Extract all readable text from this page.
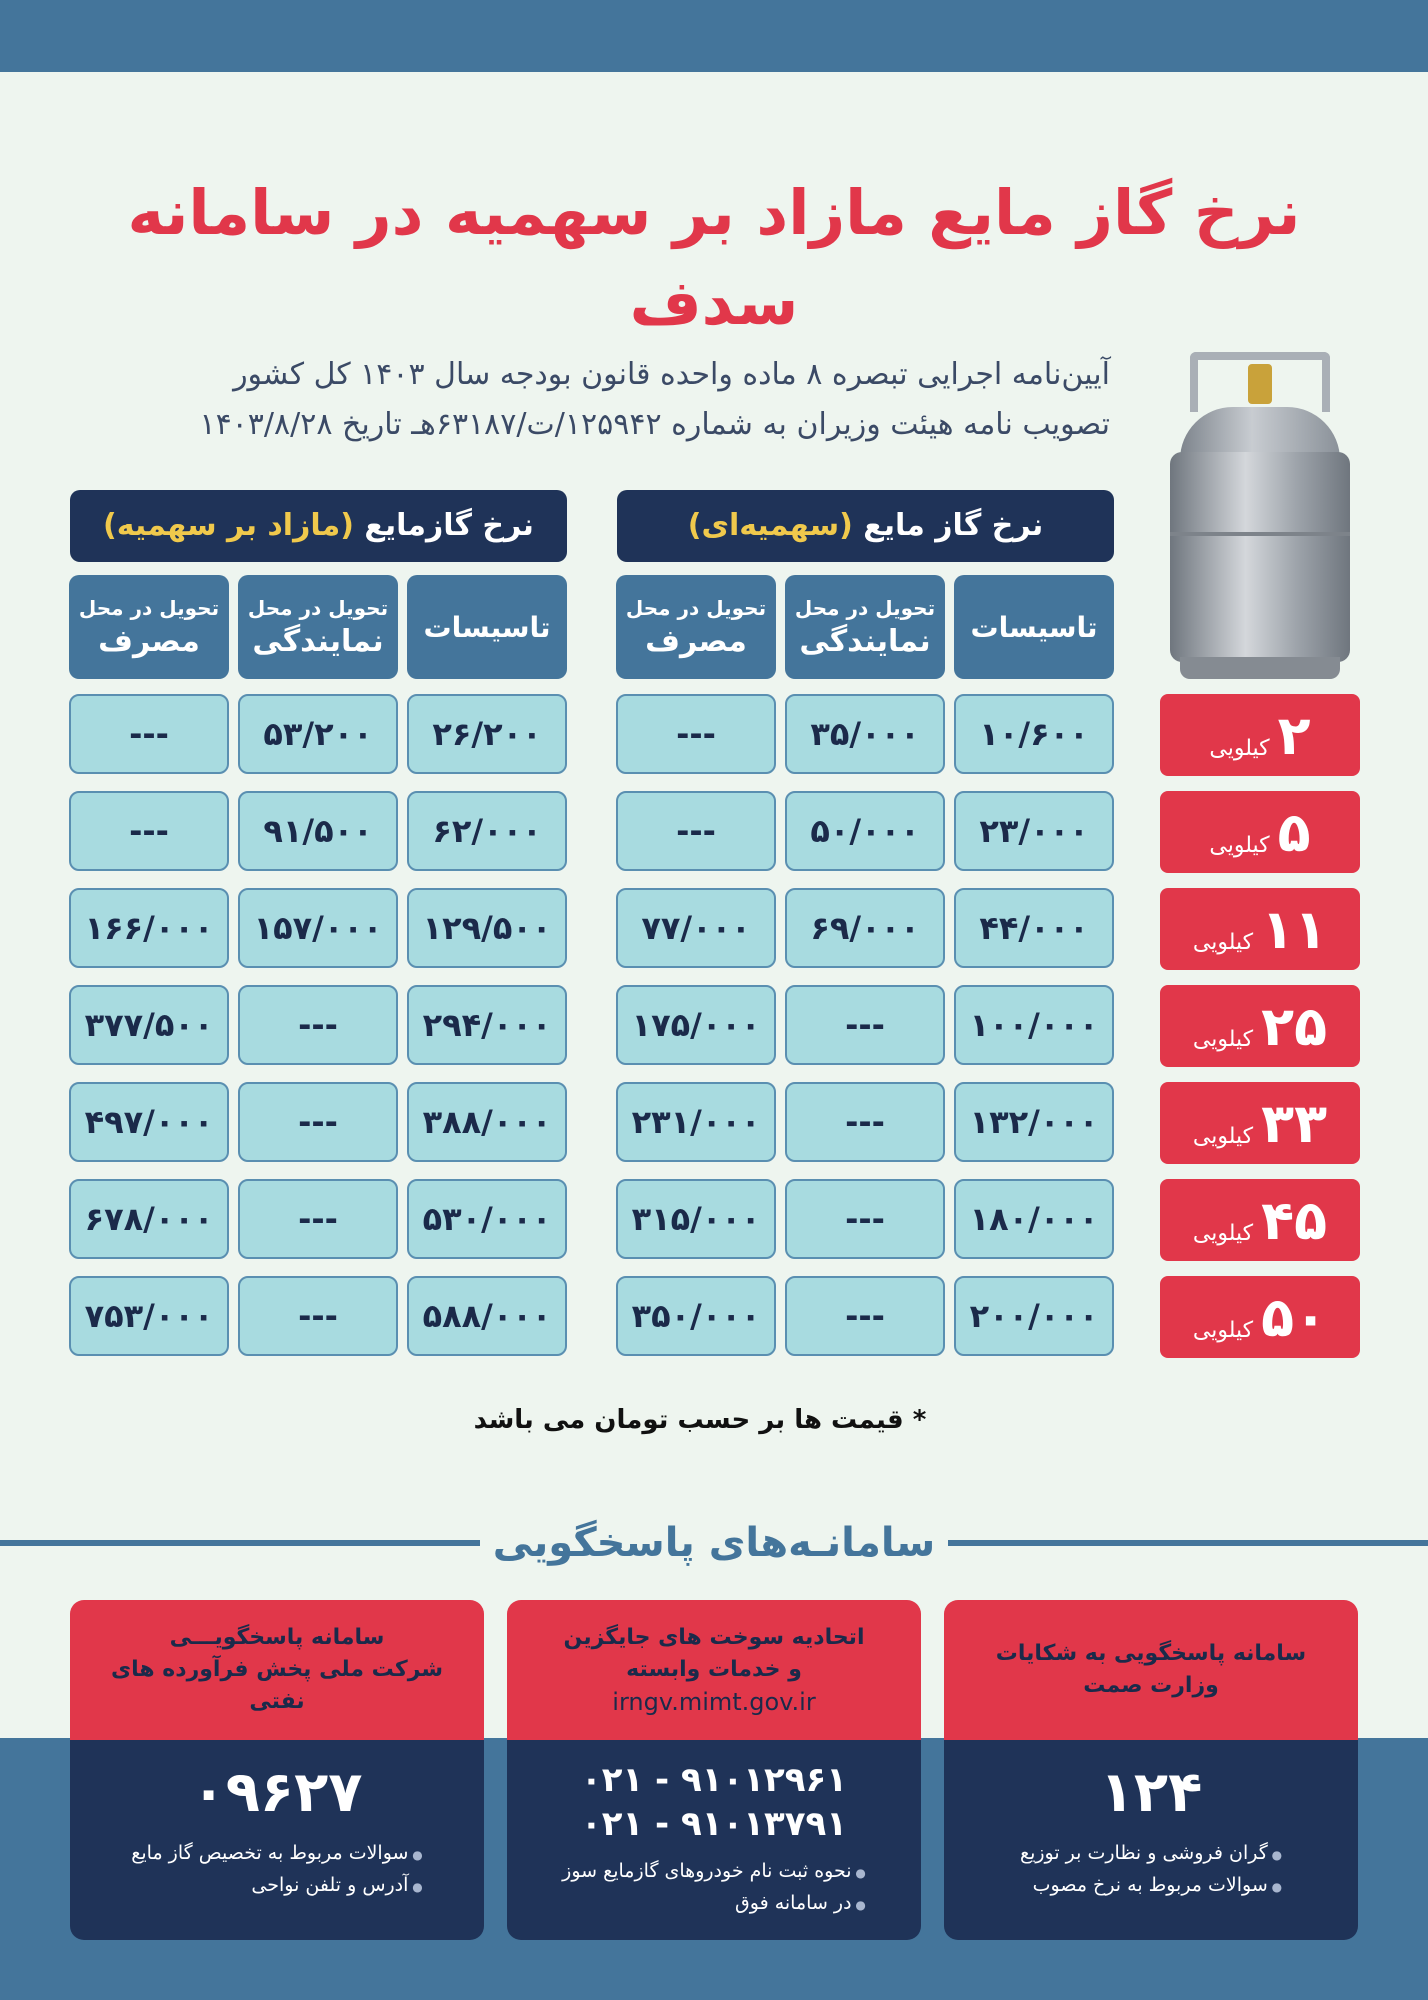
نرخ گاز مایع مازاد بر سهمیه در سامانه سدف
آیین‌نامه اجرایی تبصره ۸ ماده واحده قانون بودجه سال ۱۴۰۳ کل کشور
تصویب نامه هیئت وزیران به شماره ۱۲۵۹۴۲/ت/۶۳۱۸۷هـ تاریخ ۱۴۰۳/۸/۲۸
نرخ گاز مایع (سهمیه‌ای)
نرخ گازمایع (مازاد بر سهمیه)
تاسیسات
تحویل در محل
نمایندگی
تحویل در محل
مصرف
تاسیسات
تحویل در محل
نمایندگی
تحویل در محل
مصرف
۲
کیلویی
۱۰/۶۰۰
۳۵/۰۰۰
---
۲۶/۲۰۰
۵۳/۲۰۰
---
۵
کیلویی
۲۳/۰۰۰
۵۰/۰۰۰
---
۶۲/۰۰۰
۹۱/۵۰۰
---
۱۱
کیلویی
۴۴/۰۰۰
۶۹/۰۰۰
۷۷/۰۰۰
۱۲۹/۵۰۰
۱۵۷/۰۰۰
۱۶۶/۰۰۰
۲۵
کیلویی
۱۰۰/۰۰۰
---
۱۷۵/۰۰۰
۲۹۴/۰۰۰
---
۳۷۷/۵۰۰
۳۳
کیلویی
۱۳۲/۰۰۰
---
۲۳۱/۰۰۰
۳۸۸/۰۰۰
---
۴۹۷/۰۰۰
۴۵
کیلویی
۱۸۰/۰۰۰
---
۳۱۵/۰۰۰
۵۳۰/۰۰۰
---
۶۷۸/۰۰۰
۵۰
کیلویی
۲۰۰/۰۰۰
---
۳۵۰/۰۰۰
۵۸۸/۰۰۰
---
۷۵۳/۰۰۰
* قیمت ها بر حسب تومان می باشد
سامانـه‌های پاسخگویی
سامانه پاسخگویی به شکایات
وزارت صمت
۱۲۴
● گران فروشی و نظارت بر توزیع
● سوالات مربوط به نرخ مصوب
اتحادیه سوخت های جایگزین
و خدمات وابسته
irngv.mimt.gov.ir
۰۲۱ - ۹۱۰۱۲۹۶۱
۰۲۱ - ۹۱۰۱۳۷۹۱
● نحوه ثبت نام خودروهای گازمایع سوز
● در سامانه فوق
سامانه پاسخگویـــی
شرکت ملی پخش فرآورده های نفتی
۰۹۶۲۷
● سوالات مربوط به تخصیص گاز مایع
● آدرس و تلفن نواحی
